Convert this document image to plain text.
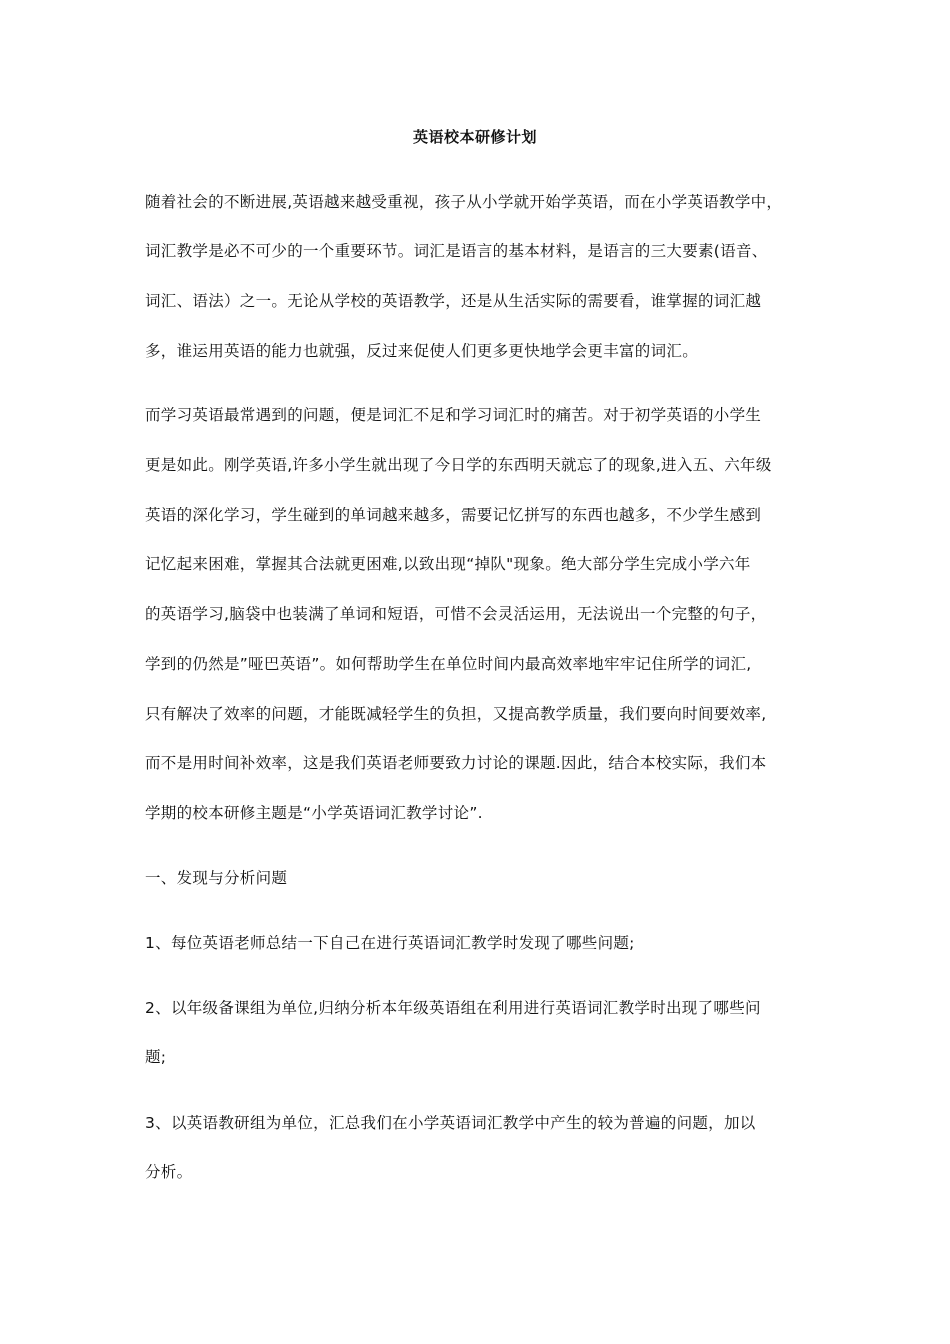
英语校本研修计划
随着社会的不断进展,英语越来越受重视，孩子从小学就开始学英语，而在小学英语教学中，
词汇教学是必不可少的一个重要环节。词汇是语言的基本材料，是语言的三大要素(语音、
词汇、语法）之一。无论从学校的英语教学，还是从生活实际的需要看，谁掌握的词汇越
多，谁运用英语的能力也就强，反过来促使人们更多更快地学会更丰富的词汇。
而学习英语最常遇到的问题，便是词汇不足和学习词汇时的痛苦。对于初学英语的小学生
更是如此。刚学英语,许多小学生就出现了今日学的东西明天就忘了的现象,进入五、六年级
英语的深化学习，学生碰到的单词越来越多，需要记忆拼写的东西也越多，不少学生感到
记忆起来困难，掌握其合法就更困难,以致出现“掉队"现象。绝大部分学生完成小学六年
的英语学习,脑袋中也装满了单词和短语，可惜不会灵活运用，无法说出一个完整的句子，
学到的仍然是”哑巴英语”。如何帮助学生在单位时间内最高效率地牢牢记住所学的词汇,
只有解决了效率的问题，才能既减轻学生的负担，又提高教学质量，我们要向时间要效率,
而不是用时间补效率，这是我们英语老师要致力讨论的课题.因此，结合本校实际，我们本
学期的校本研修主题是“小学英语词汇教学讨论”.
一、发现与分析问题
1、每位英语老师总结一下自己在进行英语词汇教学时发现了哪些问题;
2、以年级备课组为单位,归纳分析本年级英语组在利用进行英语词汇教学时出现了哪些问
题;
3、以英语教研组为单位，汇总我们在小学英语词汇教学中产生的较为普遍的问题，加以
分析。
